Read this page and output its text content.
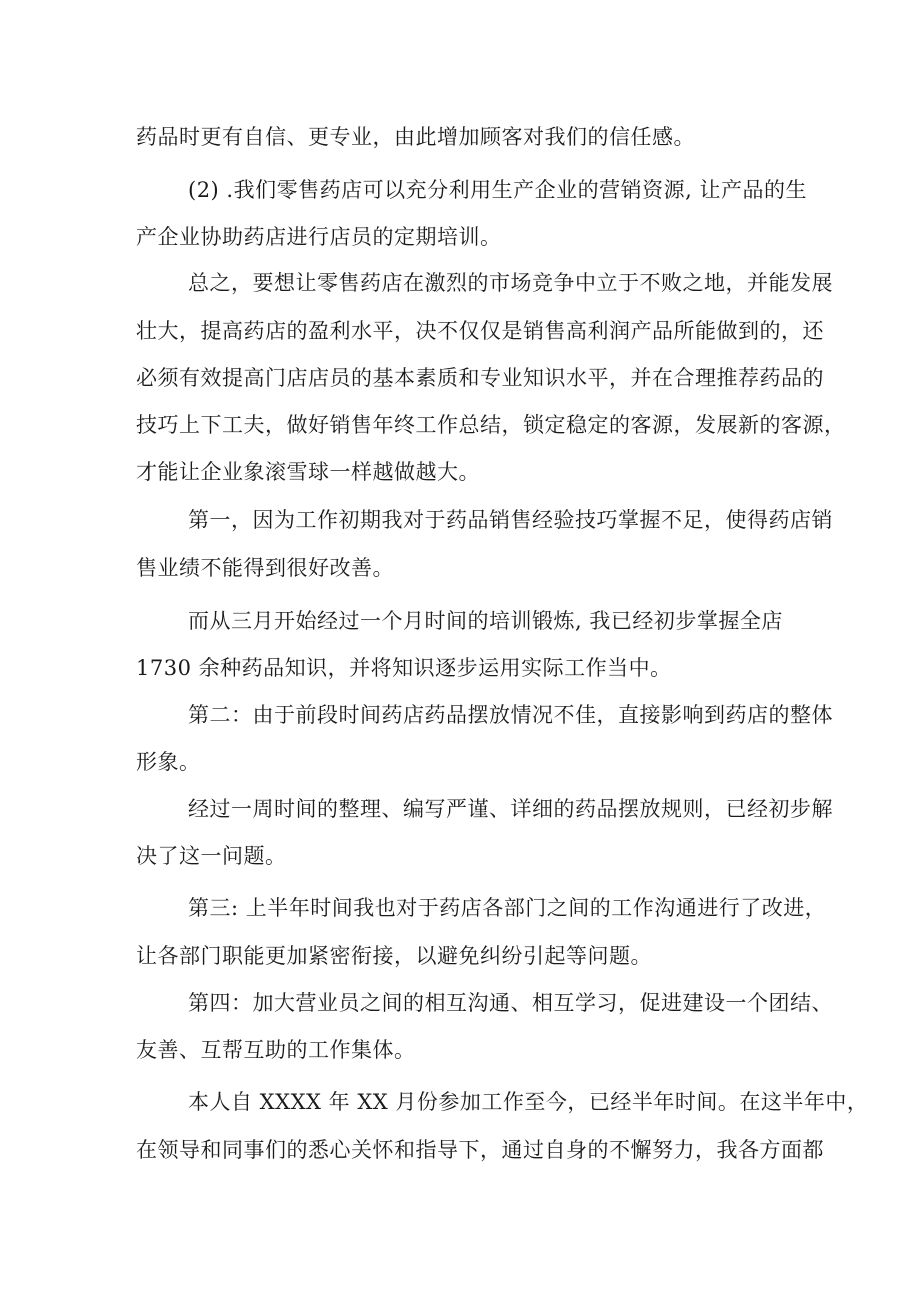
药品时更有自信、更专业，由此增加顾客对我们的信任感。
(2) .我们零售药店可以充分利用生产企业的营销资源, 让产品的生
产企业协助药店进行店员的定期培训。
总之，要想让零售药店在激烈的市场竞争中立于不败之地，并能发展
壮大，提高药店的盈利水平，决不仅仅是销售高利润产品所能做到的，还
必须有效提高门店店员的基本素质和专业知识水平，并在合理推荐药品的
技巧上下工夫，做好销售年终工作总结，锁定稳定的客源，发展新的客源，
才能让企业象滚雪球一样越做越大。
第一，因为工作初期我对于药品销售经验技巧掌握不足，使得药店销
售业绩不能得到很好改善。
而从三月开始经过一个月时间的培训锻炼, 我已经初步掌握全店
1730 余种药品知识，并将知识逐步运用实际工作当中。
第二：由于前段时间药店药品摆放情况不佳，直接影响到药店的整体
形象。
经过一周时间的整理、编写严谨、详细的药品摆放规则，已经初步解
决了这一问题。
第三: 上半年时间我也对于药店各部门之间的工作沟通进行了改进，
让各部门职能更加紧密衔接，以避免纠纷引起等问题。
第四：加大营业员之间的相互沟通、相互学习，促进建设一个团结、
友善、互帮互助的工作集体。
本人自 XXXX 年 XX 月份参加工作至今，已经半年时间。在这半年中，
在领导和同事们的悉心关怀和指导下，通过自身的不懈努力，我各方面都
